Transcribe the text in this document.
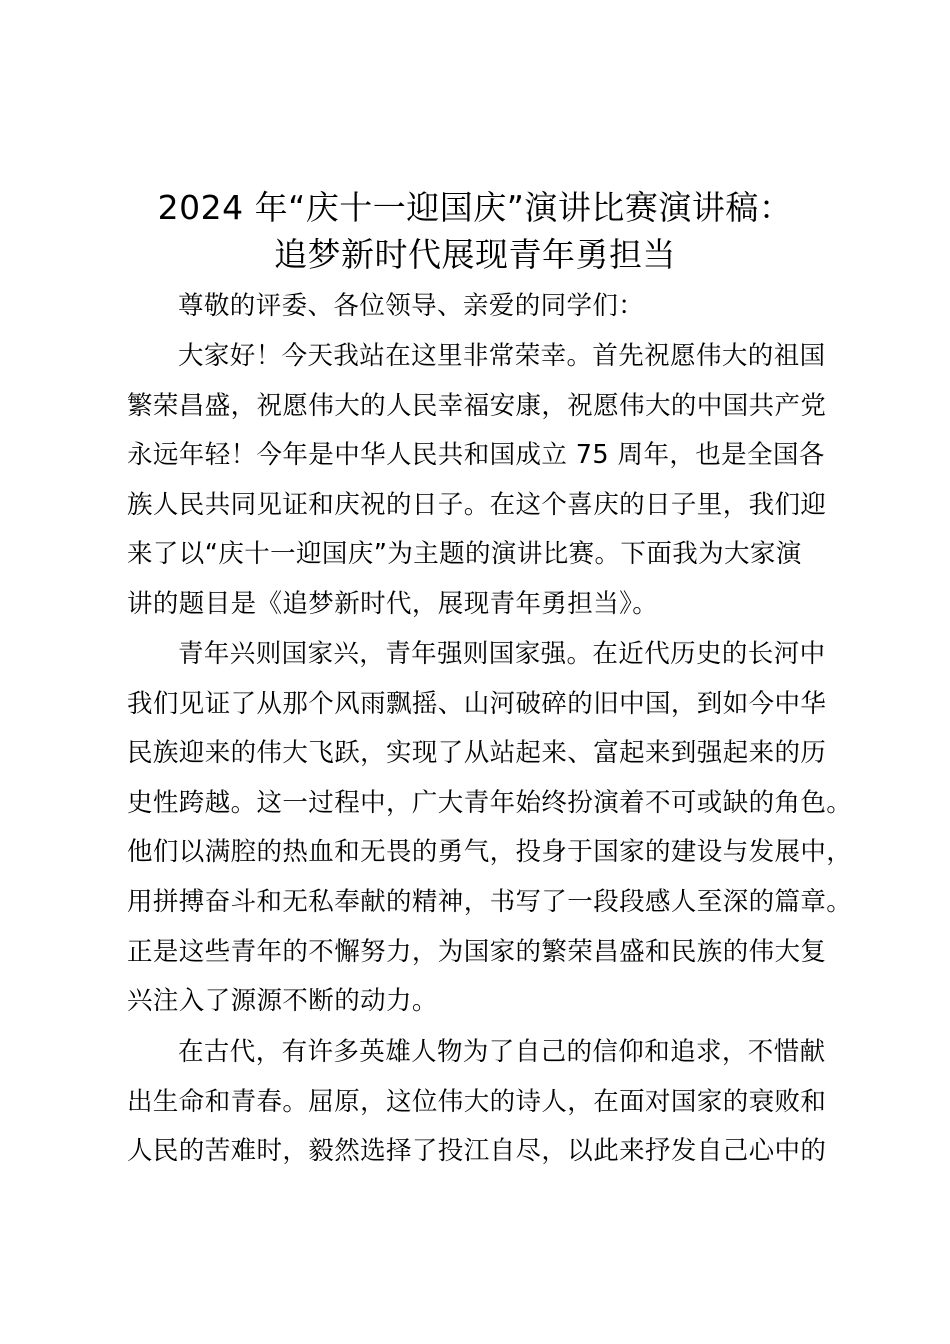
2024 年“庆十一迎国庆”演讲比赛演讲稿：
追梦新时代展现青年勇担当
尊敬的评委、各位领导、亲爱的同学们：
大家好！今天我站在这里非常荣幸。首先祝愿伟大的祖国
繁荣昌盛，祝愿伟大的人民幸福安康，祝愿伟大的中国共产党
永远年轻！今年是中华人民共和国成立 75 周年，也是全国各
族人民共同见证和庆祝的日子。在这个喜庆的日子里，我们迎
来了以“庆十一迎国庆”为主题的演讲比赛。下面我为大家演
讲的题目是《追梦新时代，展现青年勇担当》。
青年兴则国家兴，青年强则国家强。在近代历史的长河中
我们见证了从那个风雨飘摇、山河破碎的旧中国，到如今中华
民族迎来的伟大飞跃，实现了从站起来、富起来到强起来的历
史性跨越。这一过程中，广大青年始终扮演着不可或缺的角色。
他们以满腔的热血和无畏的勇气，投身于国家的建设与发展中，
用拼搏奋斗和无私奉献的精神，书写了一段段感人至深的篇章。
正是这些青年的不懈努力，为国家的繁荣昌盛和民族的伟大复
兴注入了源源不断的动力。
在古代，有许多英雄人物为了自己的信仰和追求，不惜献
出生命和青春。屈原，这位伟大的诗人，在面对国家的衰败和
人民的苦难时，毅然选择了投江自尽，以此来抒发自己心中的
